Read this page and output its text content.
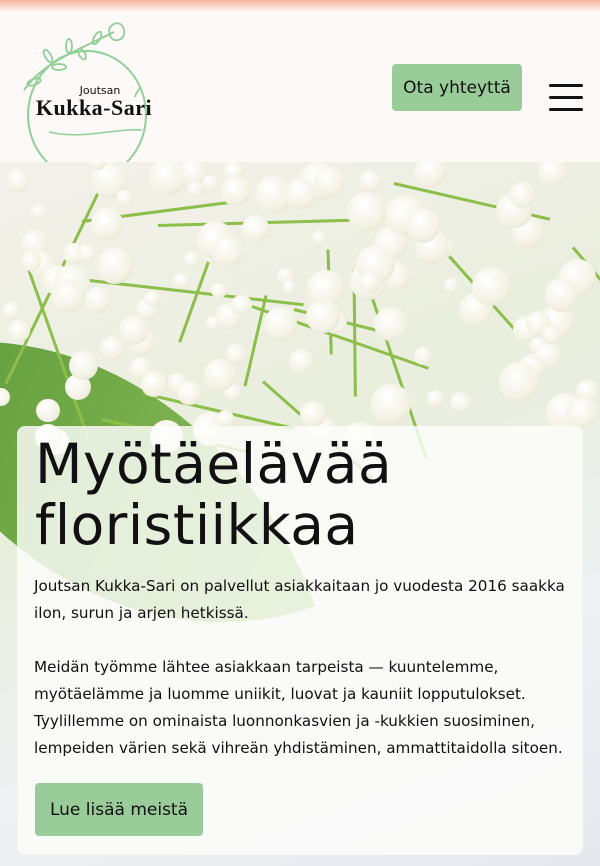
Joutsan
Kukka-Sari
Ota yhteyttä
Myötäelävää
floristiikkaa

Joutsan Kukka-Sari on palvellut asiakkaitaan jo vuodesta 2016 saakka ilon, surun ja arjen hetkissä.

Meidän työmme lähtee asiakkaan tarpeista — kuuntelemme, myötäelämme ja luomme uniikit, luovat ja kauniit lopputulokset. Tyylillemme on ominaista luonnonkasvien ja -kukkien suosiminen, lempeiden värien sekä vihreän yhdistäminen, ammattitaidolla sitoen.

Lue lisää meistä
